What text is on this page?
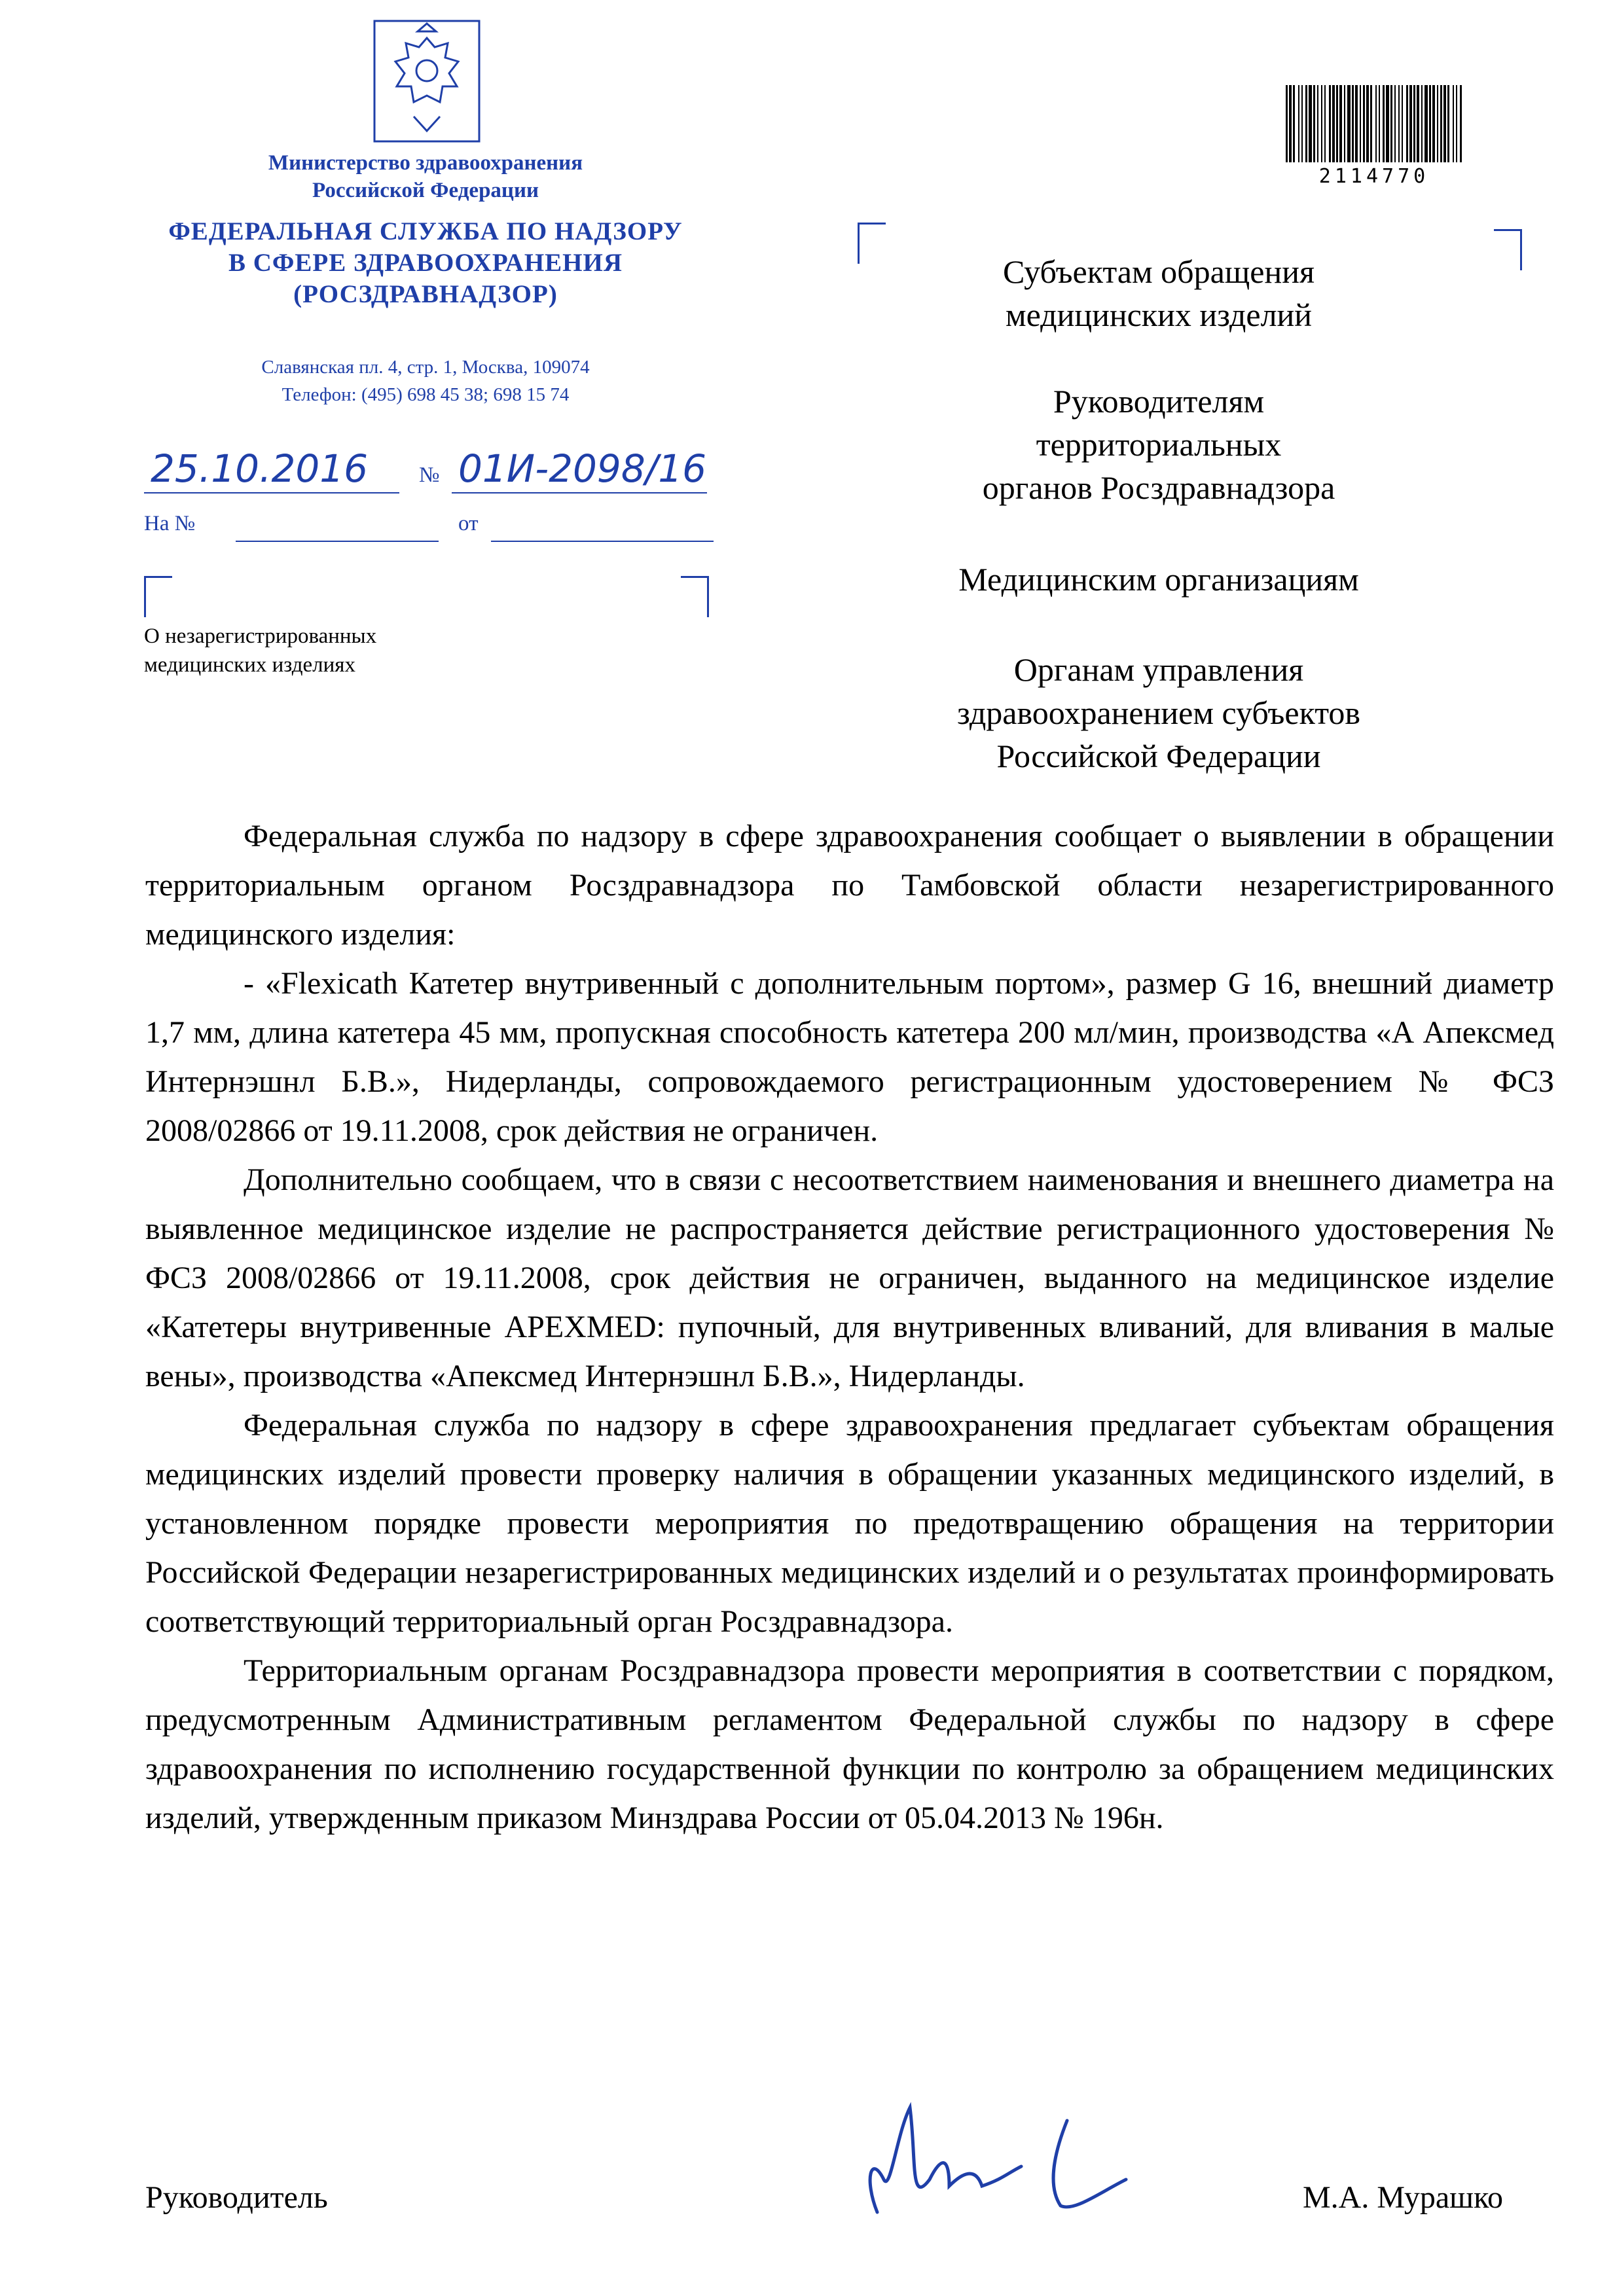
Министерство здравоохранения
Российской Федерации
ФЕДЕРАЛЬНАЯ СЛУЖБА ПО НАДЗОРУ
В СФЕРЕ ЗДРАВООХРАНЕНИЯ
(РОСЗДРАВНАДЗОР)
Славянская пл. 4, стр. 1, Москва, 109074
Телефон: (495) 698 45 38; 698 15 74
25.10.2016 № 01И-2098/16
На №	от
О незарегистрированных
медицинских изделиях
2114770
Субъектам обращения
медицинских изделий
Руководителям
территориальных
органов Росздравнадзора
Медицинским организациям
Органам управления
здравоохранением субъектов
Российской Федерации

Федеральная служба по надзору в сфере здравоохранения сообщает о выявлении в обращении территориальным органом Росздравнадзора по Тамбовской области незарегистрированного медицинского изделия:

- «Flexicath Катетер внутривенный с дополнительным портом», размер G 16, внешний диаметр 1,7 мм, длина катетера 45 мм, пропускная способность катетера 200 мл/мин, производства «А Апексмед Интернэшнл Б.В.», Нидерланды, сопровождаемого регистрационным удостоверением № ФСЗ 2008/02866 от 19.11.2008, срок действия не ограничен.

Дополнительно сообщаем, что в связи с несоответствием наименования и внешнего диаметра на выявленное медицинское изделие не распространяется действие регистрационного удостоверения № ФСЗ 2008/02866 от 19.11.2008, срок действия не ограничен, выданного на медицинское изделие «Катетеры внутривенные APEXMED: пупочный, для внутривенных вливаний, для вливания в малые вены», производства «Апексмед Интернэшнл Б.В.», Нидерланды.

Федеральная служба по надзору в сфере здравоохранения предлагает субъектам обращения медицинских изделий провести проверку наличия в обращении указанных медицинского изделий, в установленном порядке провести мероприятия по предотвращению обращения на территории Российской Федерации незарегистрированных медицинских изделий и о результатах проинформировать соответствующий территориальный орган Росздравнадзора.

Территориальным органам Росздравнадзора провести мероприятия в соответствии с порядком, предусмотренным Административным регламентом Федеральной службы по надзору в сфере здравоохранения по исполнению государственной функции по контролю за обращением медицинских изделий, утвержденным приказом Минздрава России от 05.04.2013 № 196н.

Руководитель	М.А. Мурашко
